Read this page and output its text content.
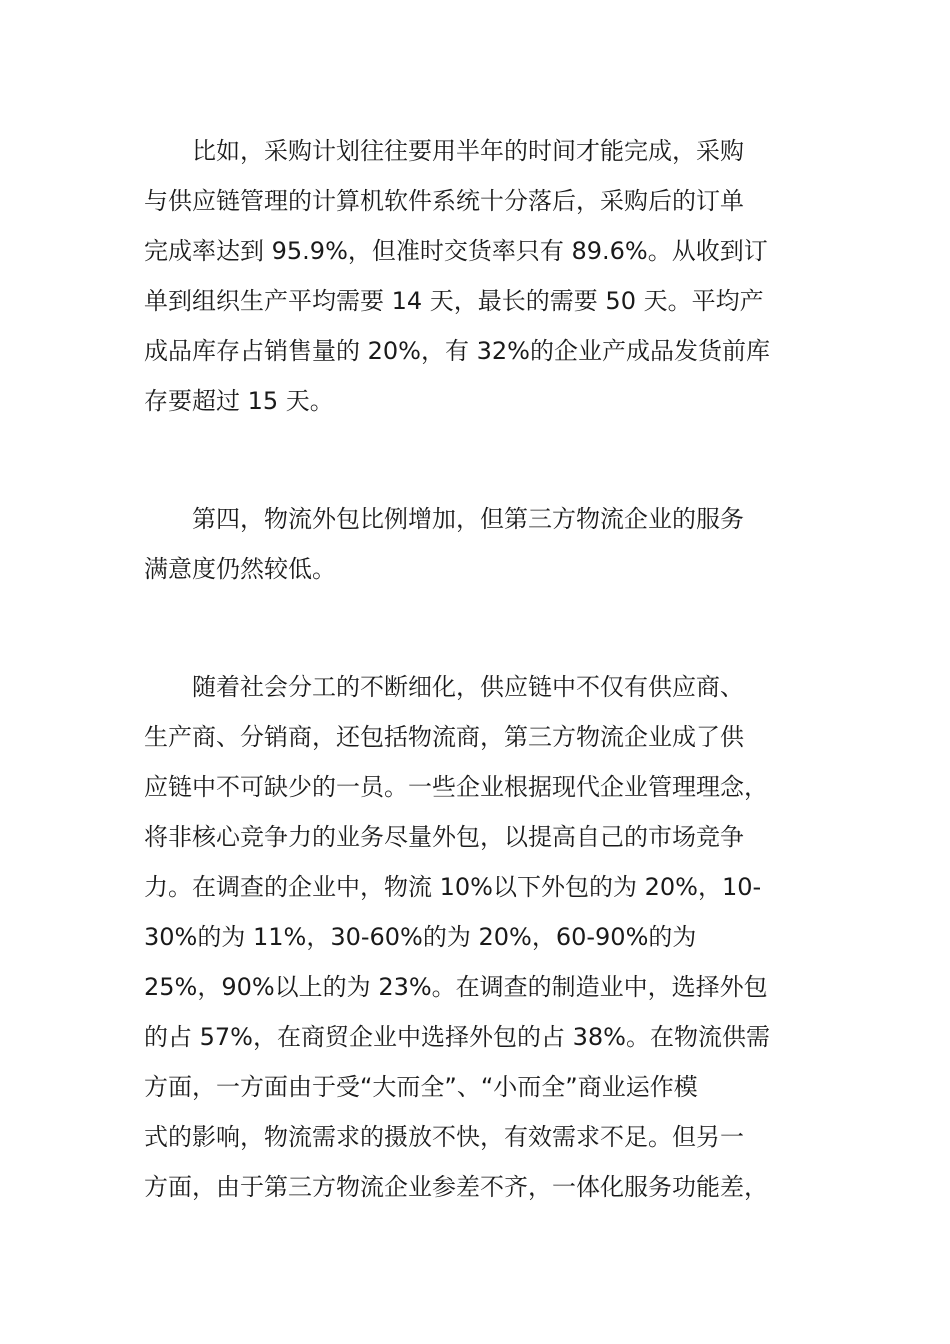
比如，采购计划往往要用半年的时间才能完成，采购
与供应链管理的计算机软件系统十分落后，采购后的订单
完成率达到 95.9%，但准时交货率只有 89.6%。从收到订
单到组织生产平均需要 14 天，最长的需要 50 天。平均产
成品库存占销售量的 20%，有 32%的企业产成品发货前库
存要超过 15 天。
第四，物流外包比例增加，但第三方物流企业的服务
满意度仍然较低。
随着社会分工的不断细化，供应链中不仅有供应商、
生产商、分销商，还包括物流商，第三方物流企业成了供
应链中不可缺少的一员。一些企业根据现代企业管理理念，
将非核心竞争力的业务尽量外包，以提高自己的市场竞争
力。在调查的企业中，物流 10%以下外包的为 20%，10-
30%的为 11%，30-60%的为 20%，60-90%的为
25%，90%以上的为 23%。在调查的制造业中，选择外包
的占 57%，在商贸企业中选择外包的占 38%。在物流供需
方面，一方面由于受“大而全”、“小而全”商业运作模
式的影响，物流需求的摄放不快，有效需求不足。但另一
方面，由于第三方物流企业参差不齐，一体化服务功能差，
